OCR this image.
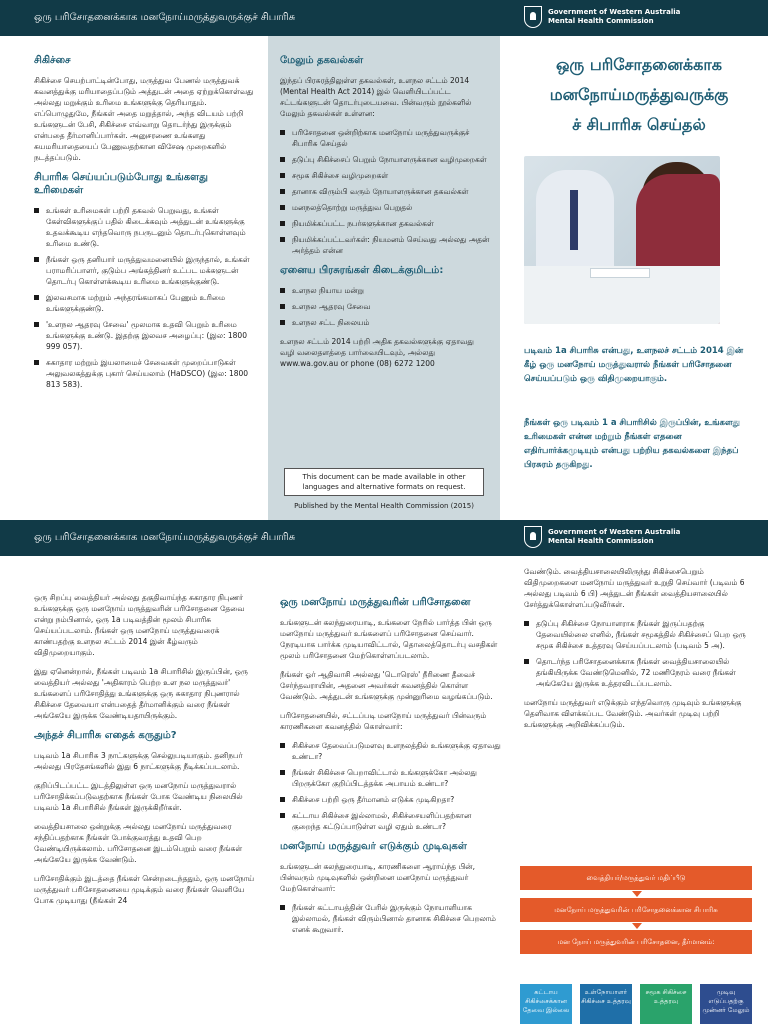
ஒரு பரிசோதனைக்காக மனநோய்மருத்துவருக்குச் சிபாரிசு	Government of Western Australia
Mental Health Commission
சிகிச்சை

சிகிச்சை செயற்பாட்டின்போது, மருத்துவ பேணல் மருத்துவக் கவனத்துக்கு மரியாதைப்படும் அத்துடன் அதை ஏற்றுக்கொள்வது அல்லது மறுக்கும் உரிமை உங்களுக்கு தெரியாதும். எப்பொழுதுமே, நீங்கள் அதை மறுத்தால், அந்த விடயம் பற்றி உங்களுடன் பேசி, சிகிச்சை எவ்வாறு தொடர்ந்து இருக்கும் என்பதை தீர்மானிப்பார்கள். அனுசரணை உங்களது சுயமரியாதையைப் பேணுவதற்கான விசேஷ முறைகளில் நடத்தப்படும்.

சிபாரிசு செய்யப்படும்போது உங்களது உரிமைகள்
உங்கள் உரிமைகள் பற்றி தகவல் பெறுவது, உங்கள் கேள்விகளுக்குப் பதில் கிடைக்கவும் அத்துடன் உங்களுக்கு உதவக்கூடிய எந்தவொரு நபருடனும் தொடர்புகொள்ளவும் உரிமை உண்டு.
நீங்கள் ஒரு தனியார் மருத்துவமனையில் இருந்தால், உங்கள் பராமரிப்பாளர், குடும்ப அங்கத்தினர் உட்பட மக்களுடன் தொடர்பு கொள்ளக்கூடிய உரிமை உங்களுக்குண்டு.
இலவசமாக மற்றும் அந்தரங்கமாகப் பேணும் உரிமை உங்களுக்குண்டு.
'உளநல ஆதரவு சேவை' மூலமாக உதவி பெறும் உரிமை உங்களுக்கு உண்டு. இதற்கு இலவச அழைப்பு: (இல: 1800 999 057).
சுகாதார மற்றும் இயலாமைச் சேவைகள் முறைப்பாடுகள் அலுவலகத்துக்கு புகார் செய்யலாம் (HaDSCO) (இல: 1800 813 583).
மேலும் தகவல்கள்

இந்தப் பிரசுரத்திலுள்ள தகவல்கள், உளநல சட்டம் 2014 (Mental Health Act 2014) இல் வெளியிடப்பட்ட சட்டங்களுடன் தொடர்புடையவை. பின்வரும் நூல்களில் மேலும் தகவல்கள் உள்ளன:

பரிசோதனை ஒன்றிற்காக மனநோய் மருத்துவருக்குச் சிபாரிசு செய்தல்
தடுப்பு சிகிச்சைப் பெறும் நோயாளருக்கான வழிமுறைகள்
சமூக சிகிச்சை வழிமுறைகள்
தானாக விரும்பி வரும் நோயாளருக்கான தகவல்கள்
மனநலத்தொற்று மருத்துவ பெறுதல்
நியமிக்கப்பட்ட நபர்களுக்கான தகவல்கள்
நியமிக்கப்பட்டவர்கள்: நியமனம் செய்வது அல்லது அதன் அர்த்தம் என்ன
ஏனைய பிரசுரங்கள் கிடைக்குமிடம்:
உளநல நியாய மன்று
உளநல ஆதரவு சேவை
உளநல சட்ட நிலையம்

உளநல சட்டம் 2014 பற்றி அதிக தகவல்களுக்கு ஏதாவது வழி வலைதளத்தை பார்வையிடவும், அல்லது www.wa.gov.au or phone (08) 6272 1200

This document can be made available in other languages and alternative formats on request.
Published by the Mental Health Commission (2015)
ஒரு பரிசோதனைக்காக
மனநோய்மருத்துவருக்கு
ச் சிபாரிசு செய்தல்
படிவம் 1a சிபாரிசு என்பது, உளநலச் சட்டம் 2014 இன் கீழ் ஒரு மனநோய் மருத்துவரால் நீங்கள் பரிசோதனை செய்யப்படும் ஒரு விதிமுறையாகும்.
நீங்கள் ஒரு படிவம் 1 a சிபாரிசில் இருப்பின், உங்களது உரிமைகள் என்ன மற்றும் நீங்கள் எதனை எதிர்பார்க்கமுடியும் என்பது பற்றிய தகவல்களை இந்தப் பிரசுரம் தருகிறது.
ஒரு பரிசோதனைக்காக மனநோய்மருத்துவருக்குச் சிபாரிசு	Government of Western Australia
Mental Health Commission

ஒரு சிறப்பு வைத்தியர் அல்லது தகுதிவாய்ந்த சுகாதார நிபுணர் உங்களுக்கு ஒரு மனநோய் மருத்துவரின் பரிசோதனை தேவை என்று நம்பினால், ஒரு 1a படிவத்தின் மூலம் சிபாரிசு செய்யப்படலாம். நீங்கள் ஒரு மனநோய் மருத்துவரைக் காண்பதற்கு உளநல சட்டம் 2014 இன் கீழ்வரும் விதிமுறையாகும்.

இது ஏனென்றால், நீங்கள் படிவம் 1a சிபாரிசில் இருப்பின், ஒரு வைத்தியர் அல்லது 'அதிகாரம் பெற்ற உள நல மருத்துவர்' உங்களைப் பரிசோதித்து உங்களுக்கு ஒரு சுகாதார நிபுணரால் சிகிச்சை தேவையா என்பதைத் தீர்மானிக்கும் வரை நீங்கள் அங்கேயே இருக்க வேண்டியதாயிருக்கும்.

அந்தச் சிபாரிசு எதைக் கருதும்?

படிவம் 1a சிபாரிசு 3 நாட்களுக்கு செல்லுபடியாகும். தனிநபர் அல்லது பிரதேசங்களில் இது 6 நாட்களுக்கு நீடிக்கப்படலாம்.

குறிப்பிடப்பட்ட இடத்திலுள்ள ஒரு மனநோய் மருத்துவரால் பரிசோதிக்கப்படுவதற்காக நீங்கள் போக வேண்டிய நிலையில் படிவம் 1a சிபாரிசில் நீங்கள் இருக்கிறீர்கள்.

வைத்தியசாலை ஒன்றுக்கு அல்லது மனநோய் மருத்துவரை சந்திப்பதற்காக நீங்கள் போக்குவரத்து உதவி பெற வேண்டியிருக்கலாம். பரிசோதனை இடம்பெறும் வரை நீங்கள் அங்கேயே இருக்க வேண்டும்.

பரிசோதிக்கும் இடத்தை நீங்கள் சென்றடைந்ததும், ஒரு மனநோய் மருத்துவர் பரிசோதனையை முடிக்கும் வரை நீங்கள் வெளியே போக முடியாது (நீங்கள் 24

ஒரு மனநோய் மருத்துவரின் பரிசோதனை

உங்களுடன் கலந்துரையாடி, உங்களை நேரில் பார்த்த பின் ஒரு மனநோய் மருத்துவர் உங்களைப் பரிசோதனை செய்வார். நேரடியாக பார்க்க முடியாவிட்டால், தொலைத்தொடர்பு வசதிகள் மூலம் பரிசோதனை மேற்கொள்ளப்படலாம்.

நீங்கள் ஓர் ஆதிவாசி அல்லது 'டொரெஸ்' நீரிணை தீவைச் சேர்ந்தவராயின், அதனை அவர்கள் கவனத்தில் கொள்ள வேண்டும். அத்துடன் உங்களுக்கு முன்னுரிமை வழங்கப்படும்.

பரிசோதனையில், சட்டப்படி மனநோய் மருத்துவர் பின்வரும் காரணிகளை கவனத்தில் கொள்வார்:

சிகிச்சை தேவைப்படுமளவு உளநலத்தில் உங்களுக்கு ஏதாவது உண்டா?
நீங்கள் சிகிச்சை பெறாவிட்டால் உங்களுக்கோ அல்லது பிறருக்கோ குறிப்பிடத்தக்க அபாயம் உண்டா?
சிகிச்சை பற்றி ஒரு தீர்மானம் எடுக்க முடிகிறதா?
கட்டாய சிகிச்சை இல்லாமல், சிகிச்சையளிப்பதற்கான குறைந்த கட்டுப்பாடுள்ள வழி ஏதும் உண்டா?
மனநோய் மருத்துவர் எடுக்கும் முடிவுகள்

உங்களுடன் கலந்துரையாடி, காரணிகளை ஆராய்ந்த பின், பின்வரும் முடிவுகளில் ஒன்றினை மனநோய் மருத்துவர் மேற்கொள்வார்:

நீங்கள் கட்டாயத்தின் பேரில் இருக்கும் நோயாளியாக இல்லாமல், நீங்கள் விரும்பினால் தானாக சிகிச்சை பெறலாம் எனக் கூறுவார்.

வேண்டும். வைத்தியசாலையிலிருந்து சிகிச்சைபெறும் விதிமுறைகளை மனநோய் மருத்துவர் உறுதி செய்வார் (படிவம் 6 அல்லது படிவம் 6 பி) அத்துடன் நீங்கள் வைத்தியசாலையில் சேர்த்துக்கொள்ளப்படுவீர்கள்.

தடுப்பு சிகிச்சை நோயாளராக நீங்கள் இருப்பதற்கு தேவையில்லை எனில், நீங்கள் சமூகத்தில் சிகிச்சைப் பெற ஒரு சமூக சிகிச்சை உத்தரவு செய்யப்படலாம் (படிவம் 5 அ).
தொடர்ந்த பரிசோதனைக்காக நீங்கள் வைத்தியசாலையில் தங்கியிருக்க வேண்டுமெனில், 72 மணிநேரம் வரை நீங்கள் அங்கேயே இருக்க உத்தரவிடப்படலாம்.

மனநோய் மருத்துவர் எடுக்கும் எந்தவொரு முடிவும் உங்களுக்கு தெளிவாக விளக்கப்பட வேண்டும். அவர்கள் முடிவு பற்றி உங்களுக்கு அறிவிக்கப்படும்.

வைத்தியர்/மருத்துவர் மதிப்பீடு
மனநோய் மருத்துவரின் பரிசோதனைக்கான சிபாரிசு
மன நோய் மருத்துவரின் பரிசோதனை, தீர்மானம்:
கட்டாய சிகிச்சைக்கான தேவை இல்லை
உள்நோயாளர் சிகிச்சை உத்தரவு
சமூக சிகிச்சை உத்தரவு
முடிவு எடுப்பதற்கு முன்னர் மேலும்
